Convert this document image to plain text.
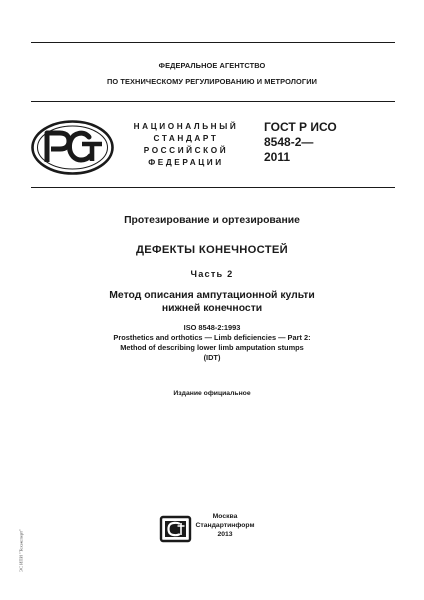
ФЕДЕРАЛЬНОЕ АГЕНТСТВО
ПО ТЕХНИЧЕСКОМУ РЕГУЛИРОВАНИЮ И МЕТРОЛОГИИ
НАЦИОНАЛЬНЫЙ
СТАНДАРТ
РОССИЙСКОЙ
ФЕДЕРАЦИИ
ГОСТ Р ИСО
8548-2—
2011
Протезирование и ортезирование
ДЕФЕКТЫ КОНЕЧНОСТЕЙ
Часть 2
Метод описания ампутационной культи
нижней конечности
ISO 8548-2:1993
Prosthetics and orthotics — Limb deficiencies — Part 2:
Method of describing lower limb amputation stumps
(IDT)
Издание официальное
Москва
Стандартинформ
2013
ЭС ИПИ "Техэксперт"
